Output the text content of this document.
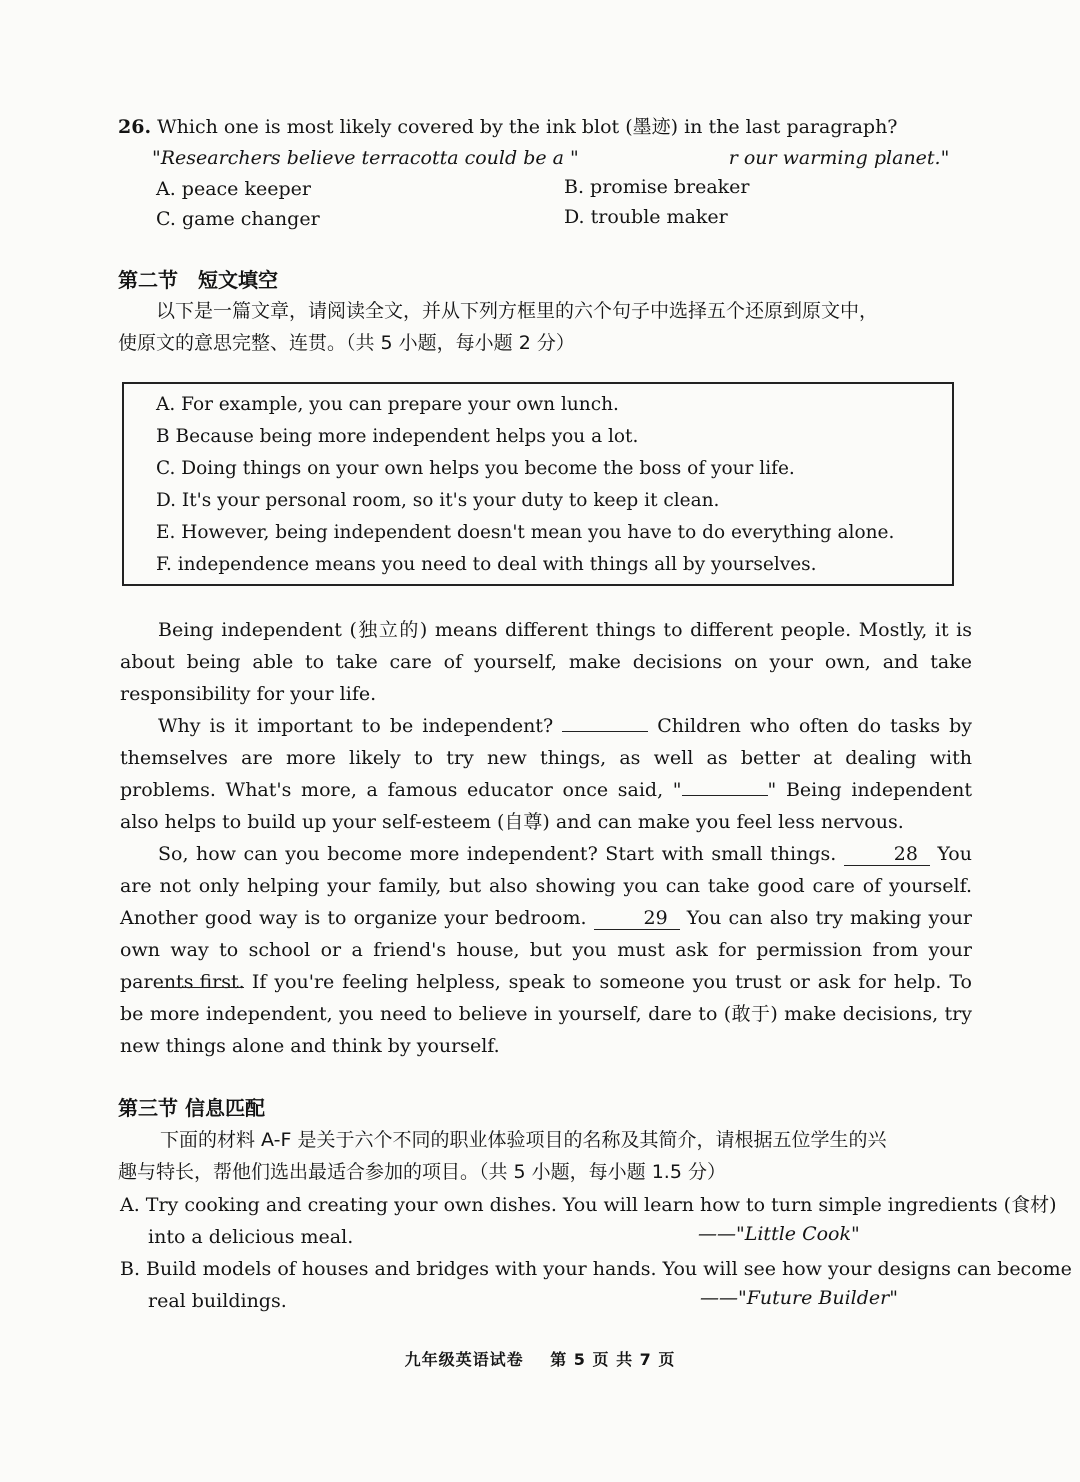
26. Which one is most likely covered by the ink blot (墨迹) in the last paragraph?
"Researchers believe terracotta could be a "	r our warming planet."
A. peace keeper	B. promise breaker
C. game changer	D. trouble maker
第二节　短文填空
以下是一篇文章，请阅读全文，并从下列方框里的六个句子中选择五个还原到原文中，
使原文的意思完整、连贯。（共 5 小题，每小题 2 分）
A. For example, you can prepare your own lunch.
B Because being more independent helps you a lot.
C. Doing things on your own helps you become the boss of your life.
D. It's your personal room, so it's your duty to keep it clean.
E. However, being independent doesn't mean you have to do everything alone.
F. independence means you need to deal with things all by yourselves.
Being independent (独立的) means different things to different people. Mostly, it is about being able to take care of yourself, make decisions on your own, and take responsibility for your life.
Why is it important to be independent?	Children who often do tasks by themselves are more likely to try new things, as well as better at dealing with problems. What's more, a famous educator once said, "	" Being independent also helps to build up your self-esteem (自尊) and can make you feel less nervous.
So, how can you become more independent? Start with small things.	28 You are not only helping your family, but also showing you can take good care of yourself. Another good way is to organize your bedroom.	29 You can also try making your own way to school or a friend's house, but you must ask for permission from your parents first. If you're feeling helpless, speak to someone you trust or ask for help. To be more independent, you need to believe in yourself, dare to (敢于) make decisions, try new things alone and think by yourself.
第三节 信息匹配
下面的材料 A-F 是关于六个不同的职业体验项目的名称及其简介，请根据五位学生的兴
趣与特长，帮他们选出最适合参加的项目。（共 5 小题，每小题 1.5 分）
A. Try cooking and creating your own dishes. You will learn how to turn simple ingredients (食材)
into a delicious meal.	——"Little Cook"
B. Build models of houses and bridges with your hands. You will see how your designs can become
real buildings.	——"Future Builder"
九年级英语试卷 第 5 页 共 7 页
